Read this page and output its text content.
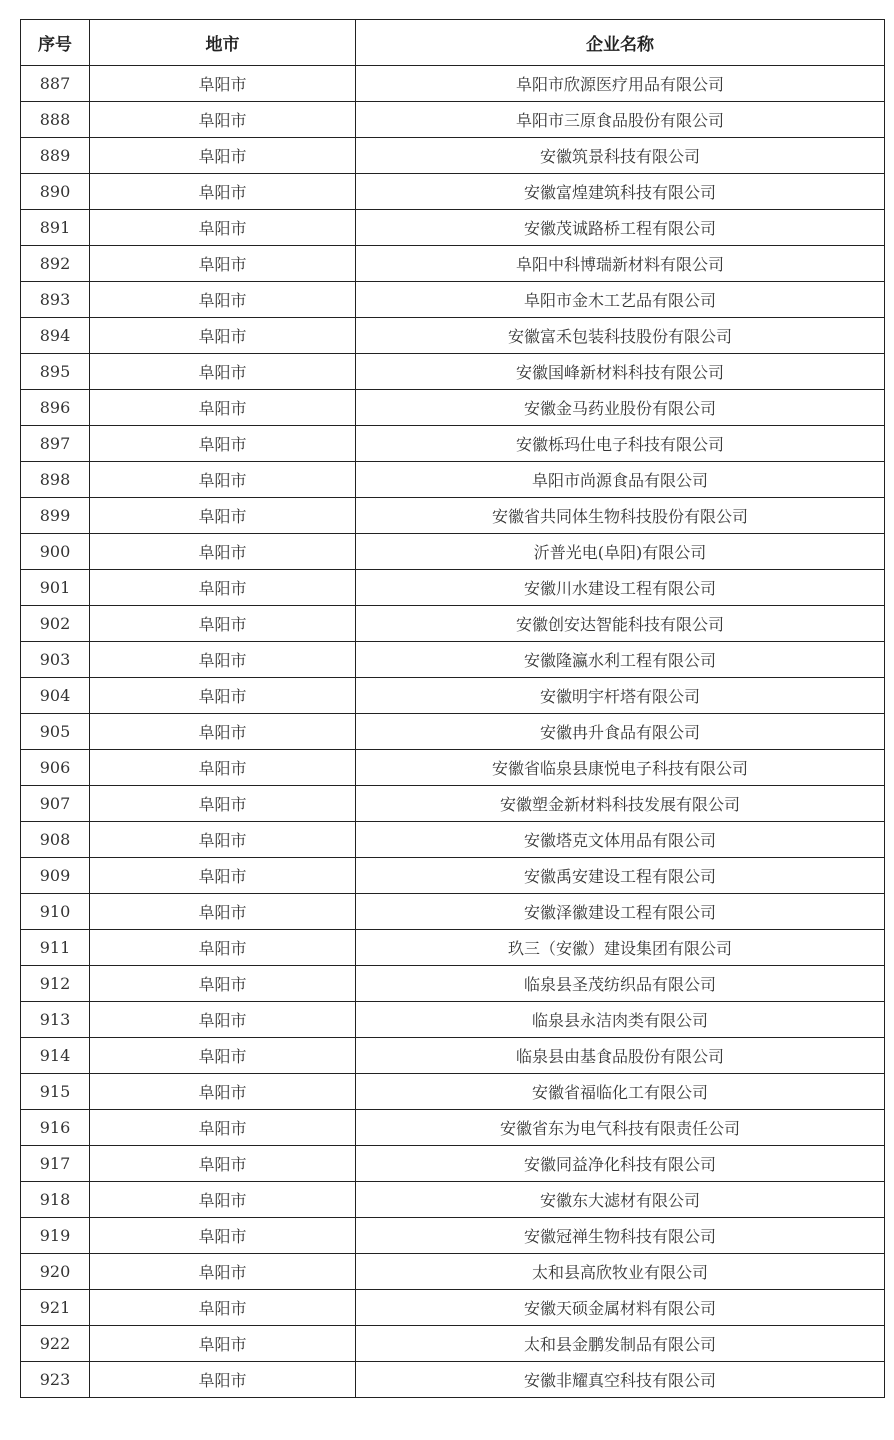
序号	地市	企业名称
887	阜阳市	阜阳市欣源医疗用品有限公司
888	阜阳市	阜阳市三原食品股份有限公司
889	阜阳市	安徽筑景科技有限公司
890	阜阳市	安徽富煌建筑科技有限公司
891	阜阳市	安徽茂诚路桥工程有限公司
892	阜阳市	阜阳中科博瑞新材料有限公司
893	阜阳市	阜阳市金木工艺品有限公司
894	阜阳市	安徽富禾包装科技股份有限公司
895	阜阳市	安徽国峰新材料科技有限公司
896	阜阳市	安徽金马药业股份有限公司
897	阜阳市	安徽栎玛仕电子科技有限公司
898	阜阳市	阜阳市尚源食品有限公司
899	阜阳市	安徽省共同体生物科技股份有限公司
900	阜阳市	沂普光电(阜阳)有限公司
901	阜阳市	安徽川水建设工程有限公司
902	阜阳市	安徽创安达智能科技有限公司
903	阜阳市	安徽隆瀛水利工程有限公司
904	阜阳市	安徽明宇杆塔有限公司
905	阜阳市	安徽冉升食品有限公司
906	阜阳市	安徽省临泉县康悦电子科技有限公司
907	阜阳市	安徽塑金新材料科技发展有限公司
908	阜阳市	安徽塔克文体用品有限公司
909	阜阳市	安徽禹安建设工程有限公司
910	阜阳市	安徽泽徽建设工程有限公司
911	阜阳市	玖三（安徽）建设集团有限公司
912	阜阳市	临泉县圣茂纺织品有限公司
913	阜阳市	临泉县永洁肉类有限公司
914	阜阳市	临泉县由基食品股份有限公司
915	阜阳市	安徽省福临化工有限公司
916	阜阳市	安徽省东为电气科技有限责任公司
917	阜阳市	安徽同益净化科技有限公司
918	阜阳市	安徽东大滤材有限公司
919	阜阳市	安徽冠禅生物科技有限公司
920	阜阳市	太和县高欣牧业有限公司
921	阜阳市	安徽天硕金属材料有限公司
922	阜阳市	太和县金鹏发制品有限公司
923	阜阳市	安徽非耀真空科技有限公司
